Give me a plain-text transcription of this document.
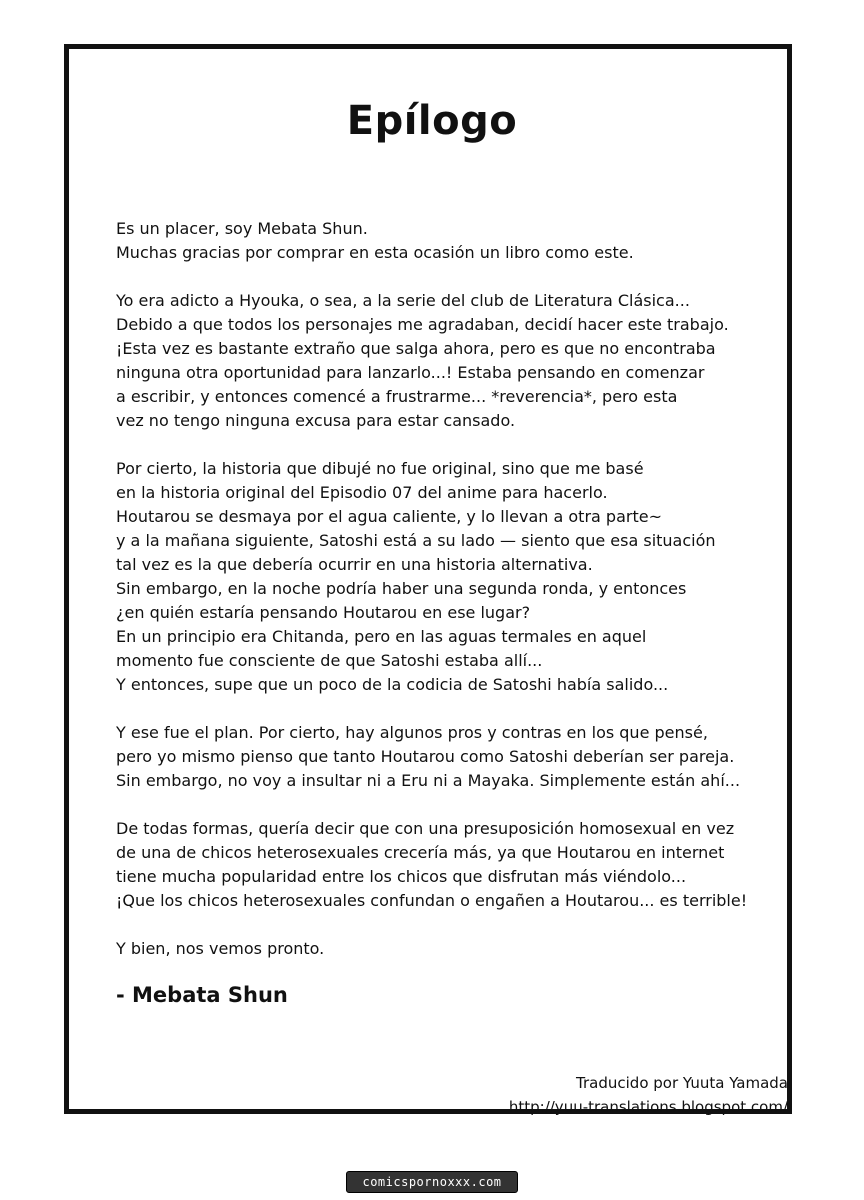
Epílogo

Es un placer, soy Mebata Shun.
Muchas gracias por comprar en esta ocasión un libro como este.

Yo era adicto a Hyouka, o sea, a la serie del club de Literatura Clásica...
Debido a que todos los personajes me agradaban, decidí hacer este trabajo.
¡Esta vez es bastante extraño que salga ahora, pero es que no encontraba
ninguna otra oportunidad para lanzarlo...! Estaba pensando en comenzar
a escribir, y entonces comencé a frustrarme... *reverencia*, pero esta
vez no tengo ninguna excusa para estar cansado.

Por cierto, la historia que dibujé no fue original, sino que me basé
en la historia original del Episodio 07 del anime para hacerlo.
Houtarou se desmaya por el agua caliente, y lo llevan a otra parte~
y a la mañana siguiente, Satoshi está a su lado — siento que esa situación
tal vez es la que debería ocurrir en una historia alternativa.
Sin embargo, en la noche podría haber una segunda ronda, y entonces
¿en quién estaría pensando Houtarou en ese lugar?
En un principio era Chitanda, pero en las aguas termales en aquel
momento fue consciente de que Satoshi estaba allí...
Y entonces, supe que un poco de la codicia de Satoshi había salido...

Y ese fue el plan. Por cierto, hay algunos pros y contras en los que pensé,
pero yo mismo pienso que tanto Houtarou como Satoshi deberían ser pareja.
Sin embargo, no voy a insultar ni a Eru ni a Mayaka. Simplemente están ahí...

De todas formas, quería decir que con una presuposición homosexual en vez
de una de chicos heterosexuales crecería más, ya que Houtarou en internet
tiene mucha popularidad entre los chicos que disfrutan más viéndolo...
¡Que los chicos heterosexuales confundan o engañen a Houtarou... es terrible!

Y bien, nos vemos pronto.

- Mebata Shun
Traducido por Yuuta Yamada
http://yuu-translations.blogspot.com/
comicspornoxxx.com
